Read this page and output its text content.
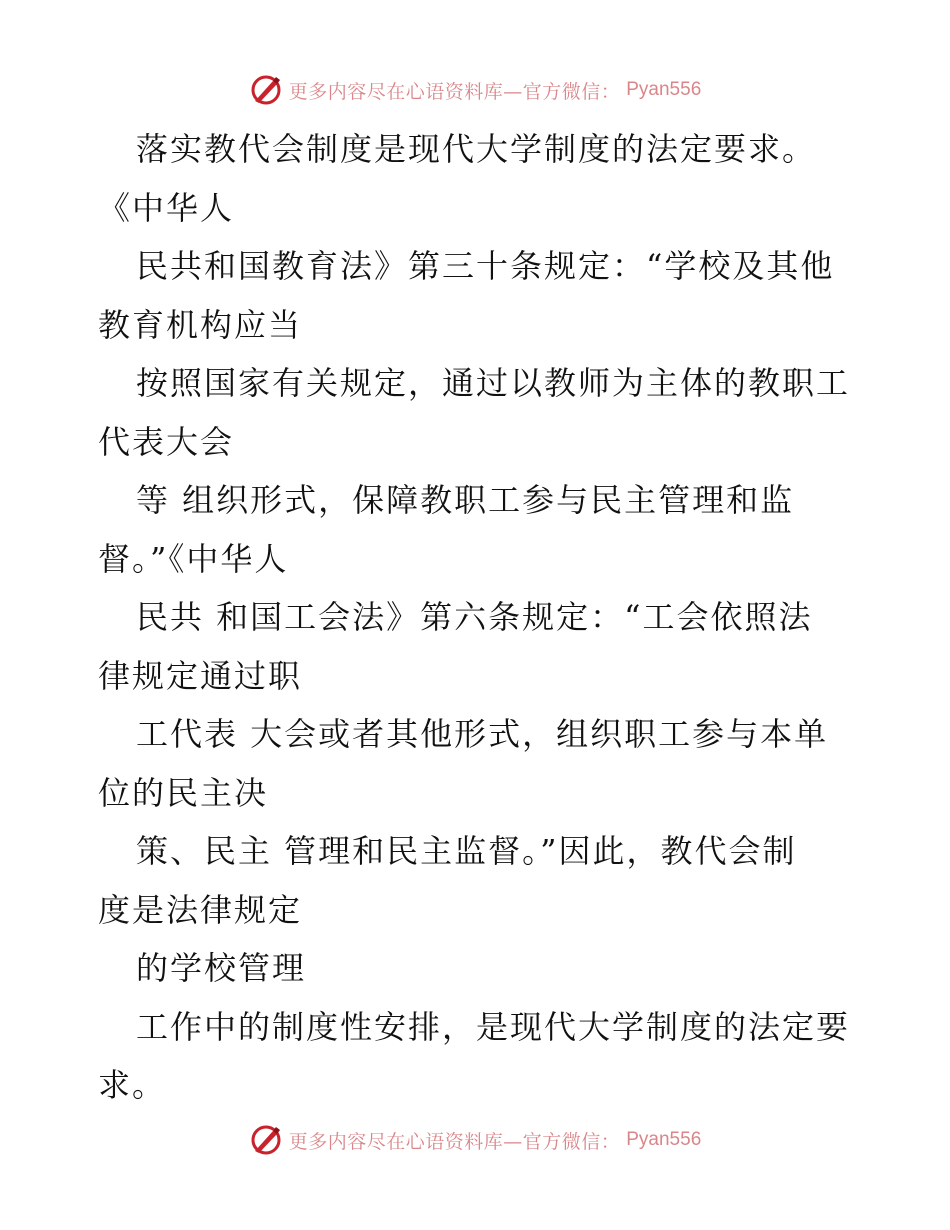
更多内容尽在心语资料库—官方微信： Pyan556
落实教代会制度是现代大学制度的法定要求。
《中华人
民共和国教育法》第三十条规定：“学校及其他
教育机构应当
按照国家有关规定，通过以教师为主体的教职工
代表大会
等 组织形式，保障教职工参与民主管理和监
督。”《中华人
民共 和国工会法》第六条规定：“工会依照法
律规定通过职
工代表 大会或者其他形式，组织职工参与本单
位的民主决
策、民主 管理和民主监督。”因此，教代会制
度是法律规定
的学校管理
工作中的制度性安排，是现代大学制度的法定要
求。
更多内容尽在心语资料库—官方微信： Pyan556
